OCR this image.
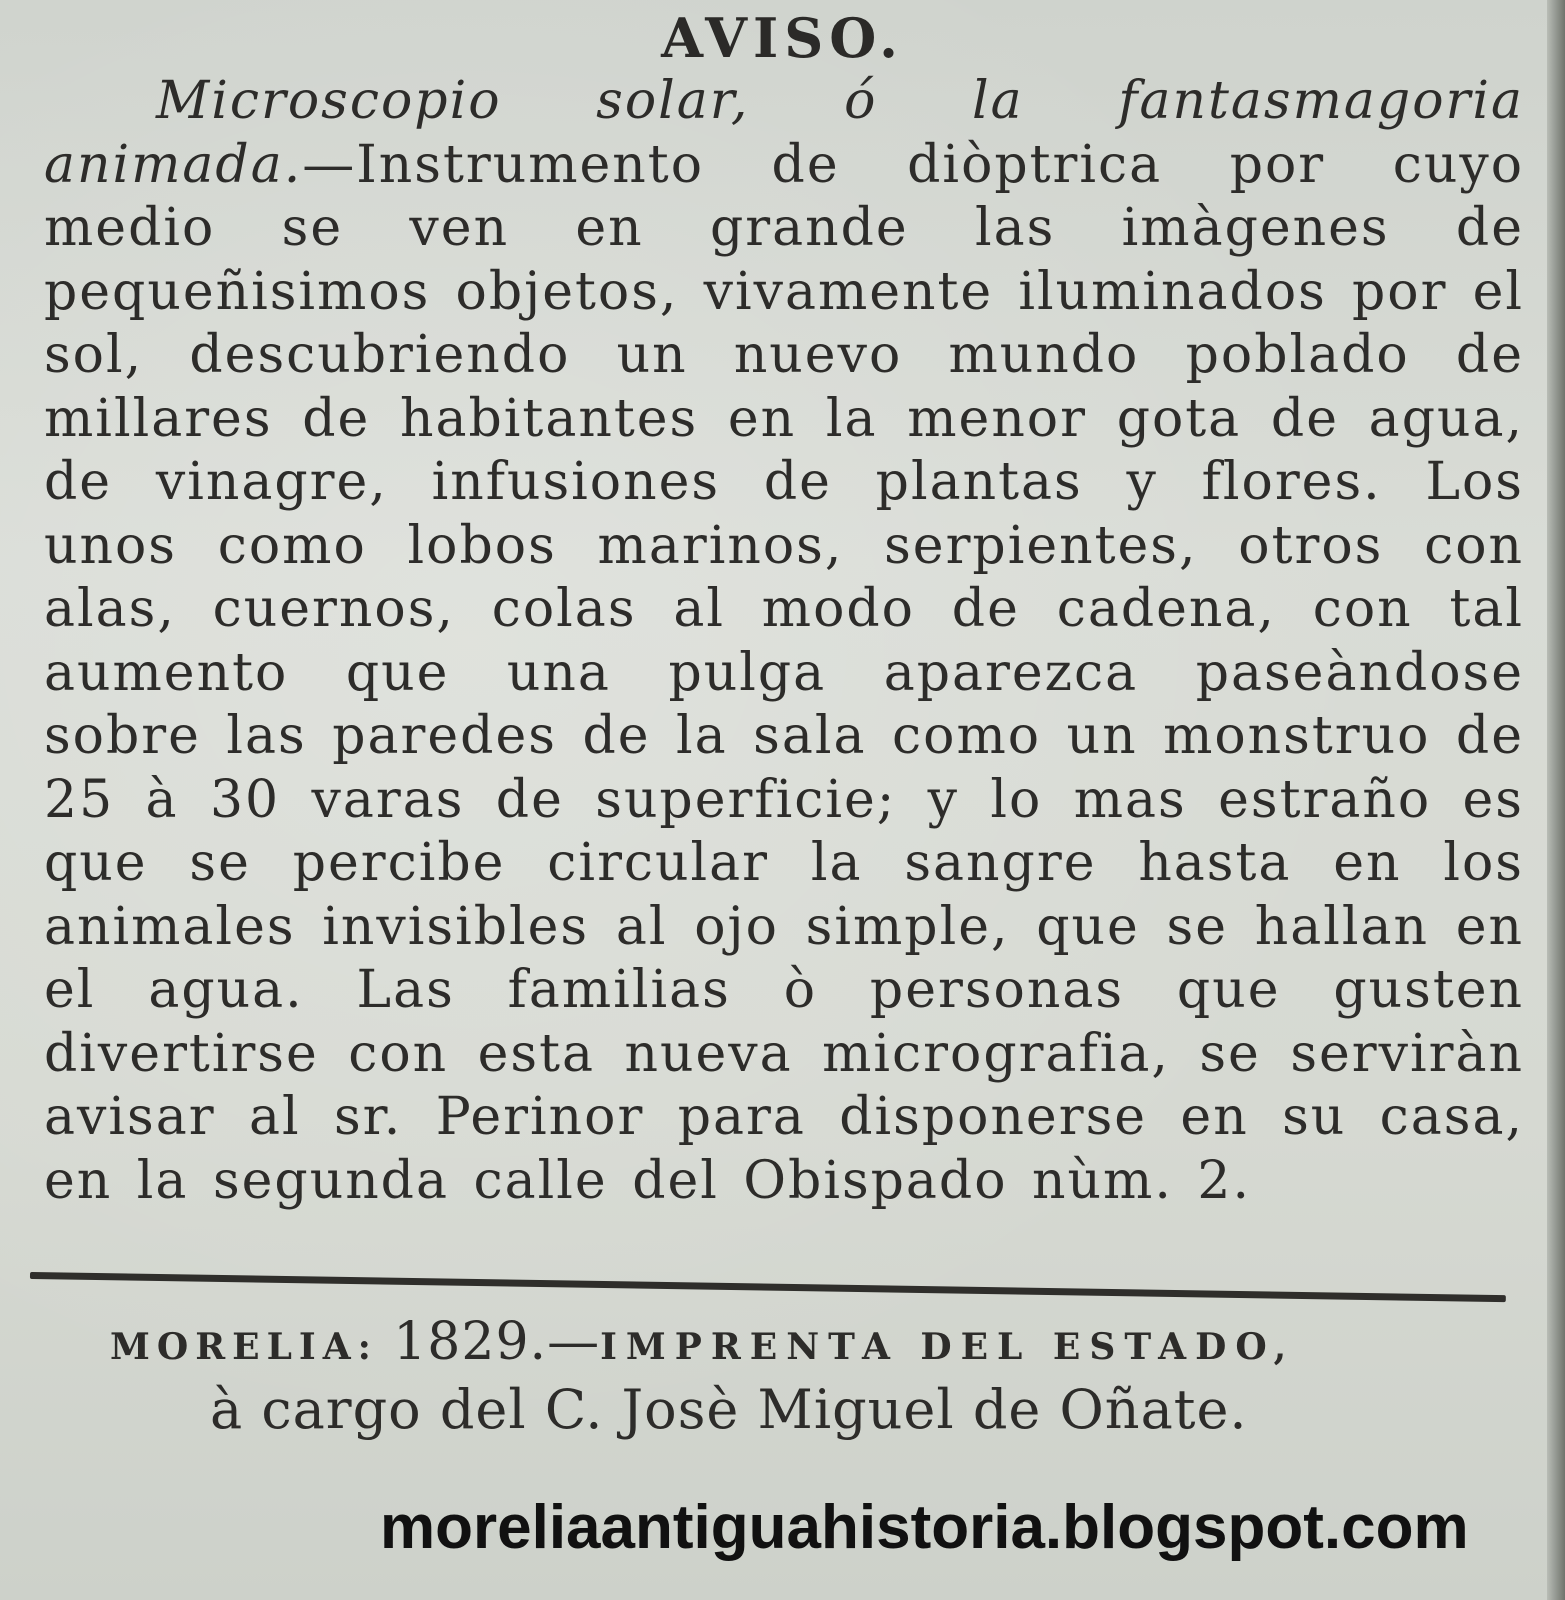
AVISO.

Microscopio solar, ó la fantasmagoria animada.—Instrumento de diòptrica por cuyo medio se ven en grande las imàgenes de pequeñisimos objetos, vivamente iluminados por el sol, descubriendo un nuevo mundo poblado de millares de habitantes en la menor gota de agua, de vinagre, infusiones de plantas y flores. Los unos como lobos marinos, serpientes, otros con alas, cuernos, colas al modo de cadena, con tal aumento que una pulga aparezca paseàndose sobre las paredes de la sala como un monstruo de 25 à 30 varas de superficie; y lo mas estraño es que se percibe circular la sangre hasta en los animales invisibles al ojo simple, que se hallan en el agua. Las familias ò personas que gusten divertirse con esta nueva micrografia, se serviràn avisar al sr. Perinor para disponerse en su casa, en la segunda calle del Obispado nùm. 2.

MORELIA: 1829.—IMPRENTA DEL ESTADO,

à cargo del C. Josè Miguel de Oñate.

moreliaantiguahistoria.blogspot.com
